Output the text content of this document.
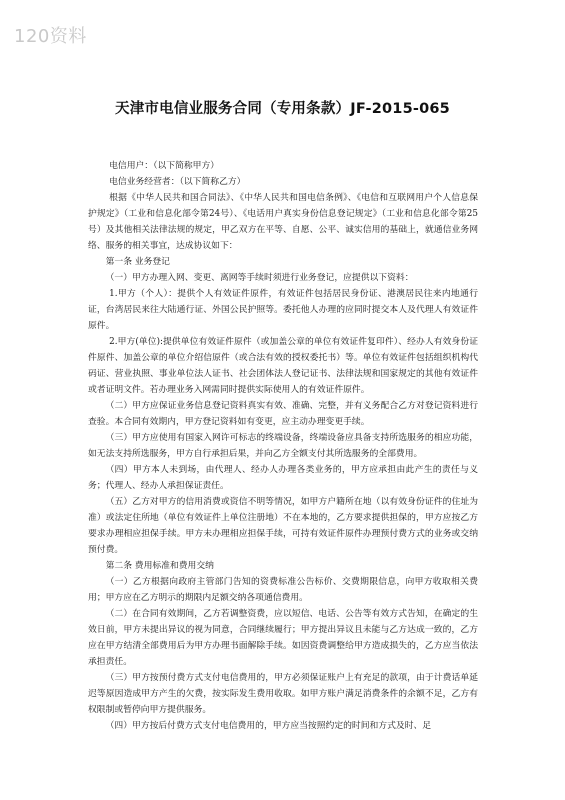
120资料
天津市电信业服务合同（专用条款）JF-2015-065

电信用户：（以下简称甲方）

电信业务经营者：（以下简称乙方）

根据《中华人民共和国合同法》、《中华人民共和国电信条例》、《电信和互联网用户个人信息保护规定》（工业和信息化部令第24号）、《电话用户真实身份信息登记规定》（工业和信息化部令第25号）及其他相关法律法规的规定，甲乙双方在平等、自愿、公平、诚实信用的基础上，就通信业务网络、服务的相关事宜，达成协议如下：

第一条 业务登记

（一）甲方办理入网、变更、离网等手续时须进行业务登记，应提供以下资料：

1.甲方（个人）：提供个人有效证件原件，有效证件包括居民身份证、港澳居民往来内地通行证，台湾居民来往大陆通行证、外国公民护照等。委托他人办理的应同时提交本人及代理人有效证件原件。

2.甲方(单位):提供单位有效证件原件（或加盖公章的单位有效证件复印件）、经办人有效身份证件原件、加盖公章的单位介绍信原件（或合法有效的授权委托书）等。单位有效证件包括组织机构代码证、营业执照、事业单位法人证书、社会团体法人登记证书、法律法规和国家规定的其他有效证件或者证明文件。若办理业务入网需同时提供实际使用人的有效证件原件。

（二）甲方应保证业务信息登记资料真实有效、准确、完整，并有义务配合乙方对登记资料进行查验。本合同有效期内，甲方登记资料如有变更，应主动办理变更手续。

（三）甲方应使用有国家入网许可标志的终端设备，终端设备应具备支持所选服务的相应功能，如无法支持所选服务，甲方自行承担后果，并向乙方全额支付其所选服务的全部费用。

（四）甲方本人未到场，由代理人、经办人办理各类业务的，甲方应承担由此产生的责任与义务；代理人、经办人承担保证责任。

（五）乙方对甲方的信用消费或资信不明等情况，如甲方户籍所在地（以有效身份证件的住址为准）或法定住所地（单位有效证件上单位注册地）不在本地的，乙方要求提供担保的，甲方应按乙方要求办理相应担保手续。甲方未办理相应担保手续，可持有效证件原件办理预付费方式的业务或交纳预付费。

第二条 费用标准和费用交纳

（一）乙方根据向政府主管部门告知的资费标准公告标价、交费期限信息，向甲方收取相关费用；甲方应在乙方明示的期限内足额交纳各项通信费用。

（二）在合同有效期间，乙方若调整资费，应以短信、电话、公告等有效方式告知，在确定的生效日前，甲方未提出异议的视为同意，合同继续履行；甲方提出异议且未能与乙方达成一致的，乙方应在甲方结清全部费用后为甲方办理书面解除手续。如因资费调整给甲方造成损失的，乙方应当依法承担责任。

（三）甲方按预付费方式支付电信费用的，甲方必须保证账户上有充足的款项，由于计费话单延迟等原因造成甲方产生的欠费，按实际发生费用收取。如甲方账户满足消费条件的余额不足，乙方有权限制或暂停向甲方提供服务。

（四）甲方按后付费方式支付电信费用的，甲方应当按照约定的时间和方式及时、足
